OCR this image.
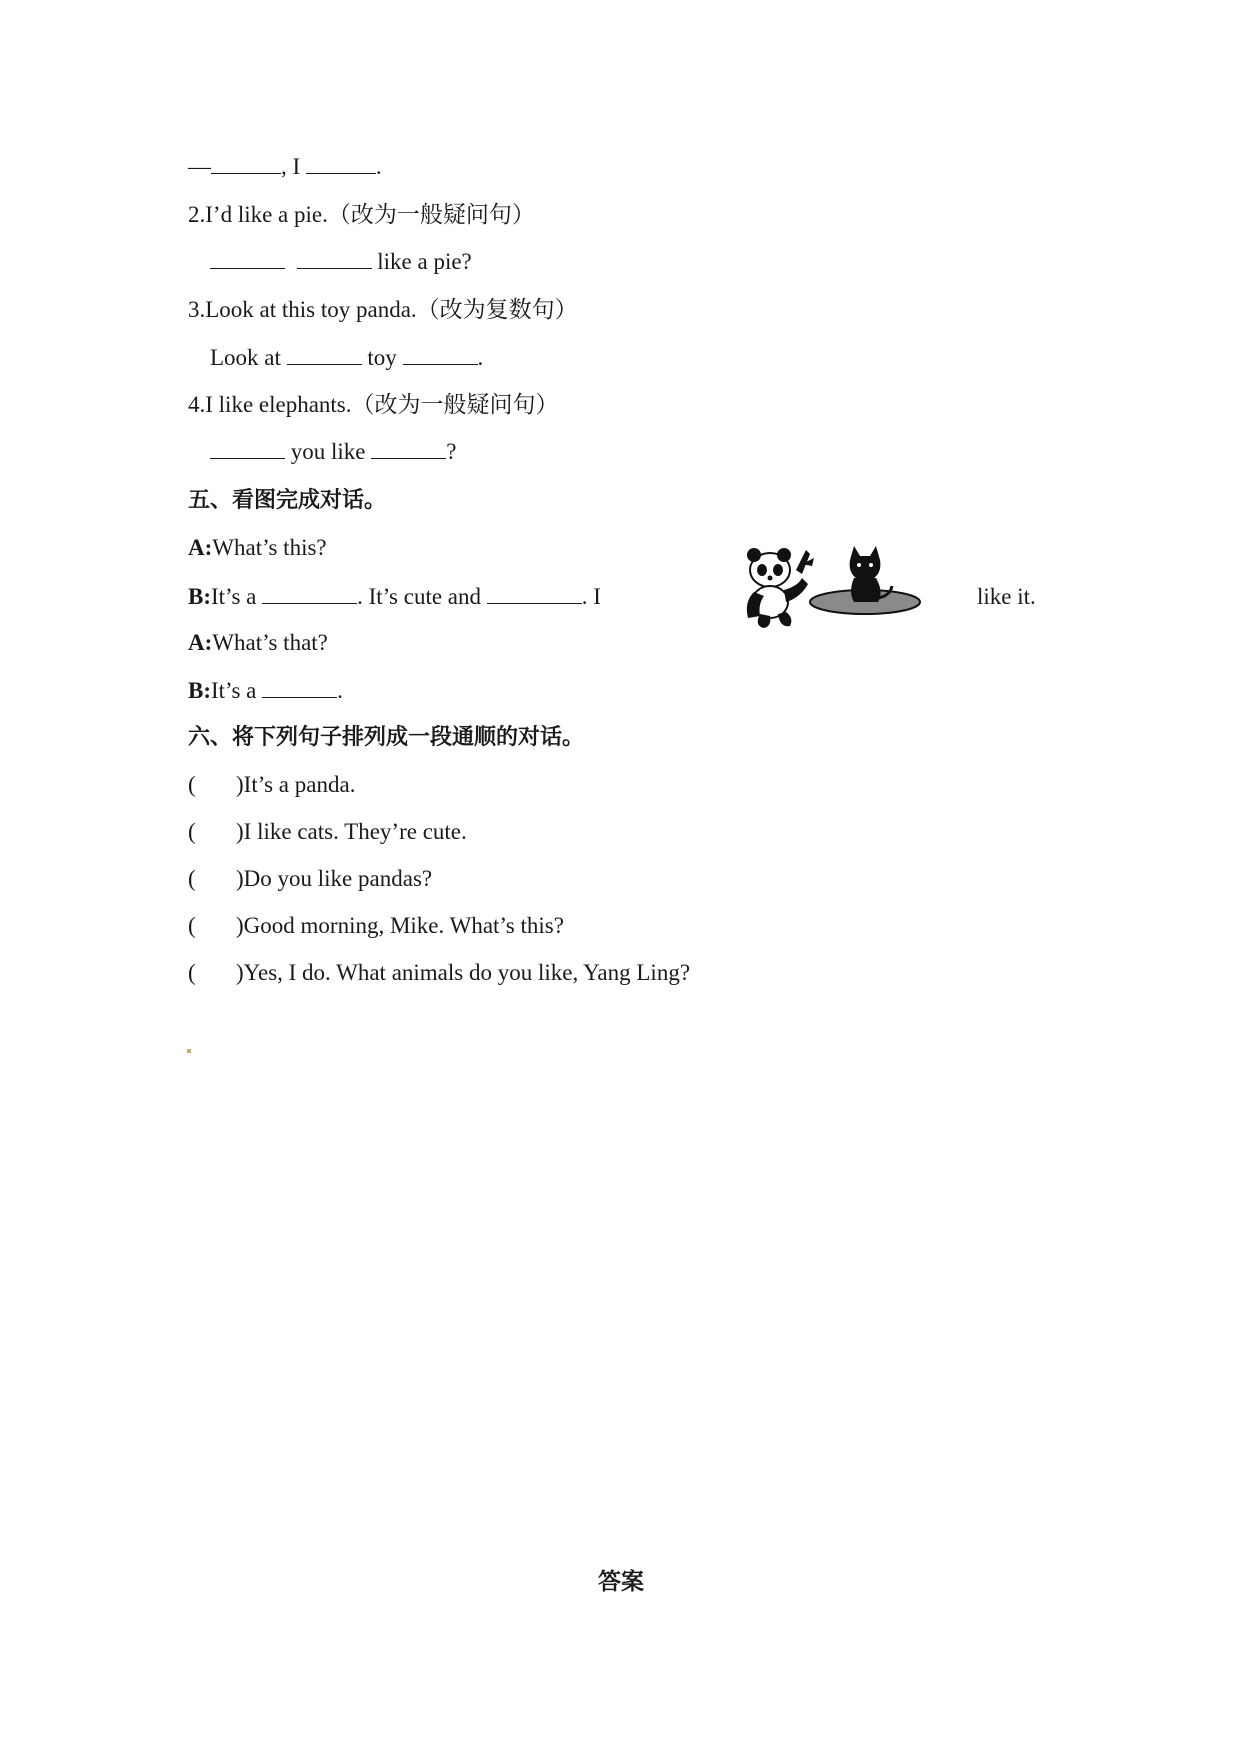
—	, I	.
2.I’d like a pie.（改为一般疑问句）
like a pie?
3.Look at this toy panda.（改为复数句）
Look at	toy	.
4.I like elephants.（改为一般疑问句）
you like	?
五、看图完成对话。
A:What’s this?
B:It’s a	. It’s cute and	. I	like it.
A:What’s that?
B:It’s a	.
六、将下列句子排列成一段通顺的对话。
( )It’s a panda.
( )I like cats. They’re cute.
( )Do you like pandas?
( )Good morning, Mike. What’s this?
( )Yes, I do. What animals do you like, Yang Ling?
答案
